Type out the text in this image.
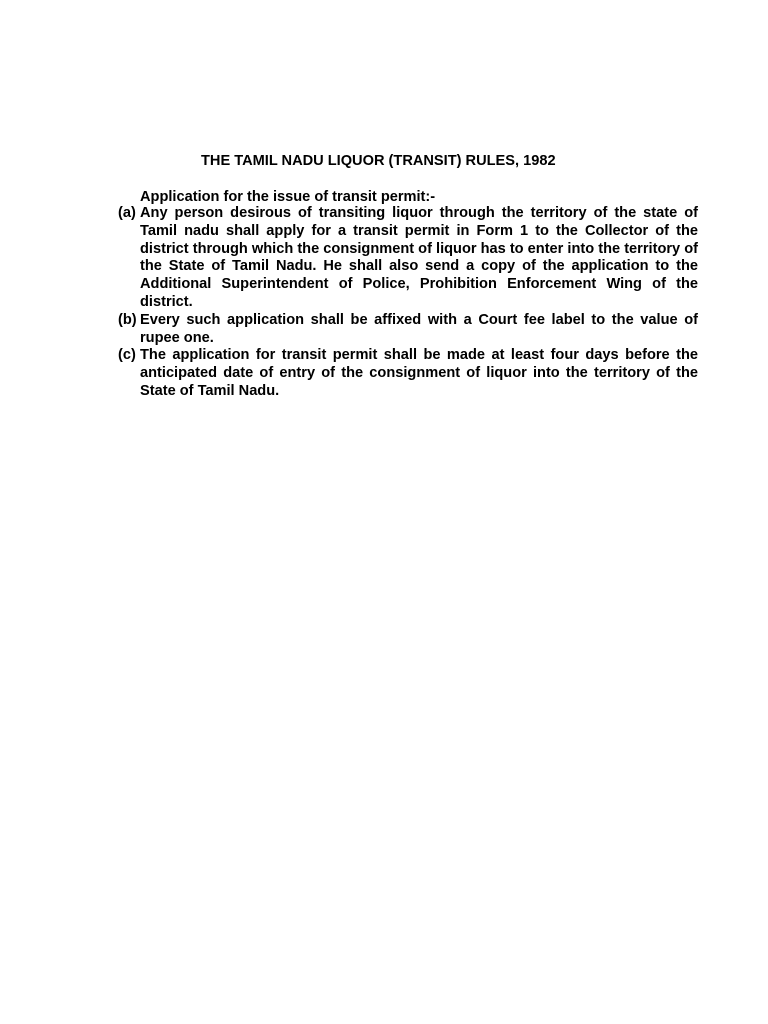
THE TAMIL NADU LIQUOR (TRANSIT) RULES, 1982
Application for the issue of transit permit:-
(a) Any person desirous of transiting liquor through the territory of the state of Tamil nadu shall apply for a transit permit in Form 1 to the Collector of the district through which the consignment of liquor has to enter into the territory of the State of Tamil Nadu. He shall also send a copy of the application to the Additional Superintendent of Police, Prohibition Enforcement Wing of the district.
(b) Every such application shall be affixed with a Court fee label to the value of rupee one.
(c) The application for transit permit shall be made at least four days before the anticipated date of entry of the consignment of liquor into the territory of the State of Tamil Nadu.
